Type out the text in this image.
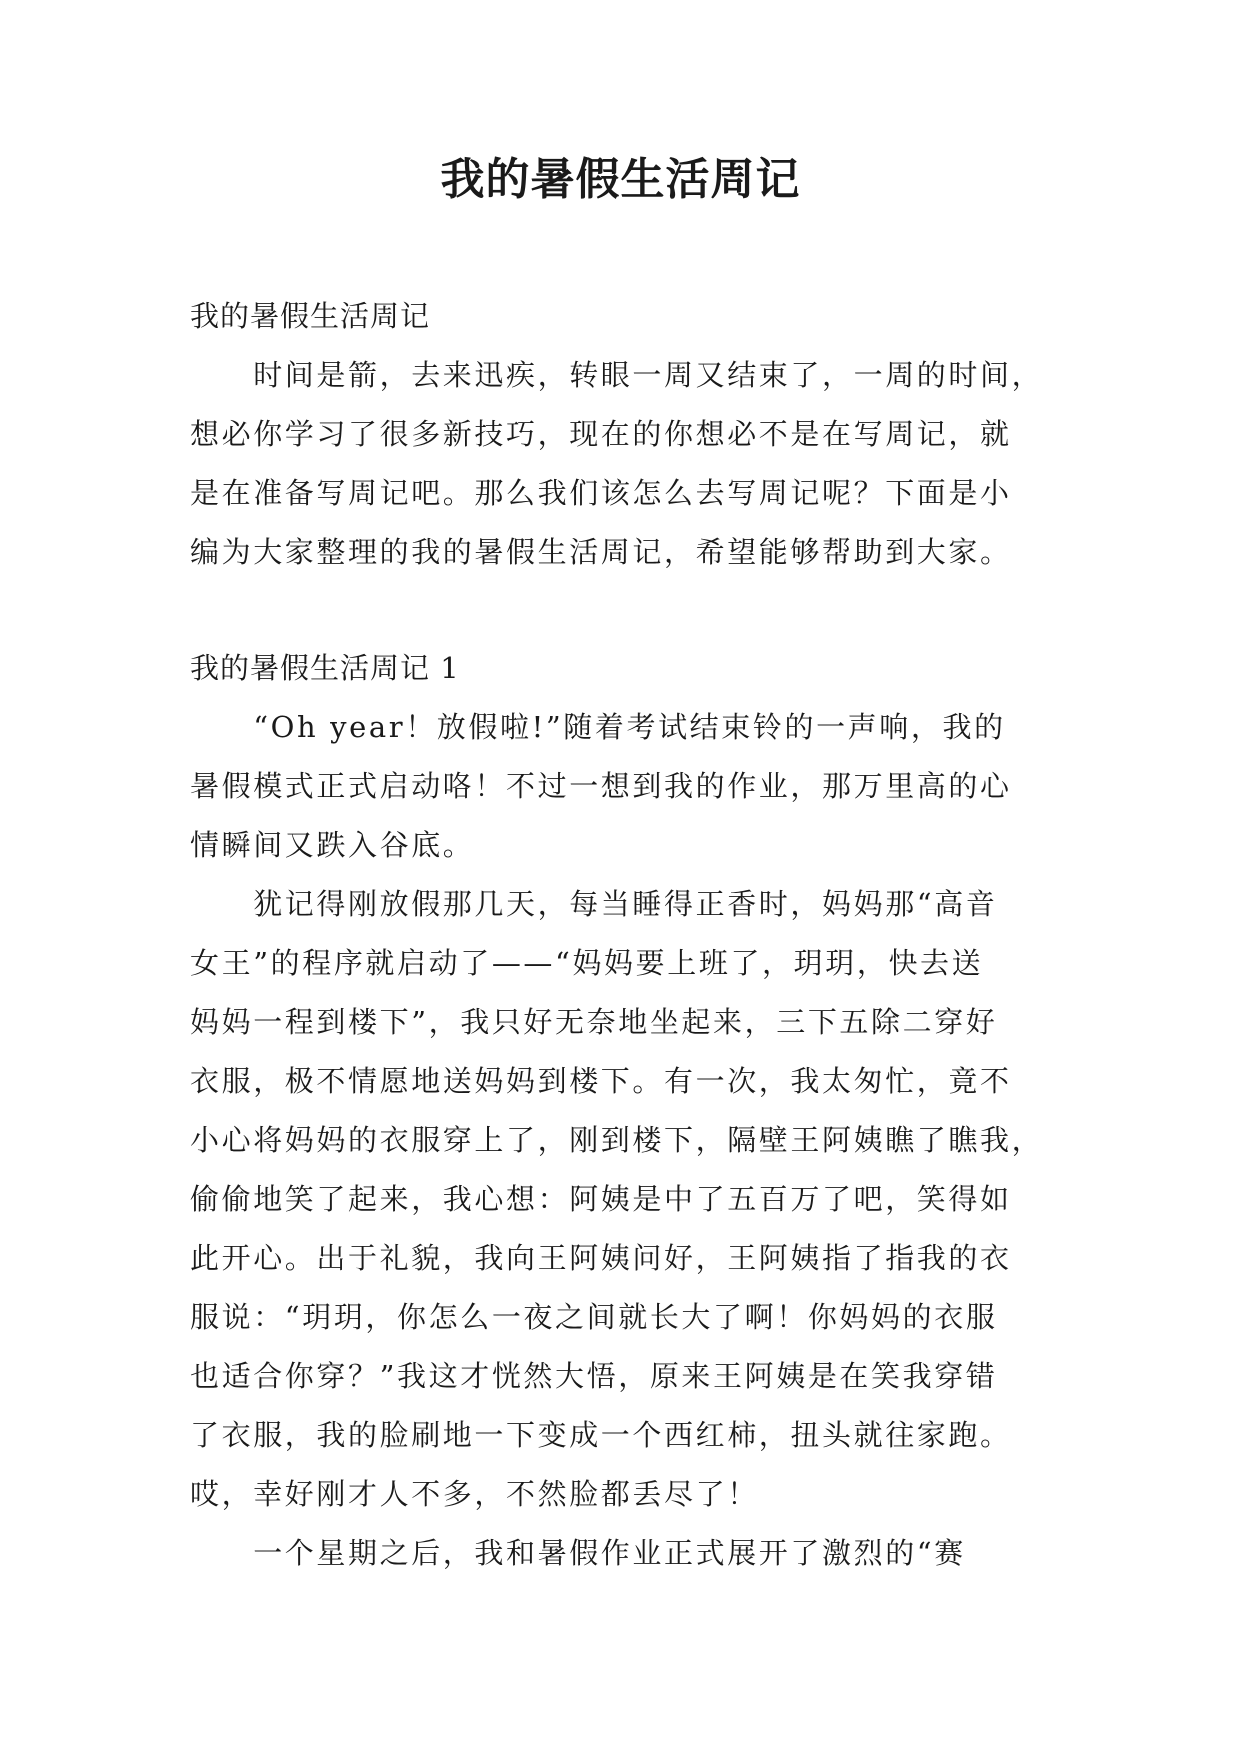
我的暑假生活周记
我的暑假生活周记
　　时间是箭，去来迅疾，转眼一周又结束了，一周的时间，
想必你学习了很多新技巧，现在的你想必不是在写周记，就
是在准备写周记吧。那么我们该怎么去写周记呢？下面是小
编为大家整理的我的暑假生活周记，希望能够帮助到大家。
我的暑假生活周记 1
　　“Oh year！放假啦!”随着考试结束铃的一声响，我的
暑假模式正式启动咯！不过一想到我的作业，那万里高的心
情瞬间又跌入谷底。
　　犹记得刚放假那几天，每当睡得正香时，妈妈那“高音
女王”的程序就启动了——“妈妈要上班了，玥玥，快去送
妈妈一程到楼下”，我只好无奈地坐起来，三下五除二穿好
衣服，极不情愿地送妈妈到楼下。有一次，我太匆忙，竟不
小心将妈妈的衣服穿上了，刚到楼下，隔壁王阿姨瞧了瞧我，
偷偷地笑了起来，我心想：阿姨是中了五百万了吧，笑得如
此开心。出于礼貌，我向王阿姨问好，王阿姨指了指我的衣
服说：“玥玥，你怎么一夜之间就长大了啊！你妈妈的衣服
也适合你穿？”我这才恍然大悟，原来王阿姨是在笑我穿错
了衣服，我的脸刷地一下变成一个西红柿，扭头就往家跑。
哎，幸好刚才人不多，不然脸都丢尽了！
　　一个星期之后，我和暑假作业正式展开了激烈的“赛
